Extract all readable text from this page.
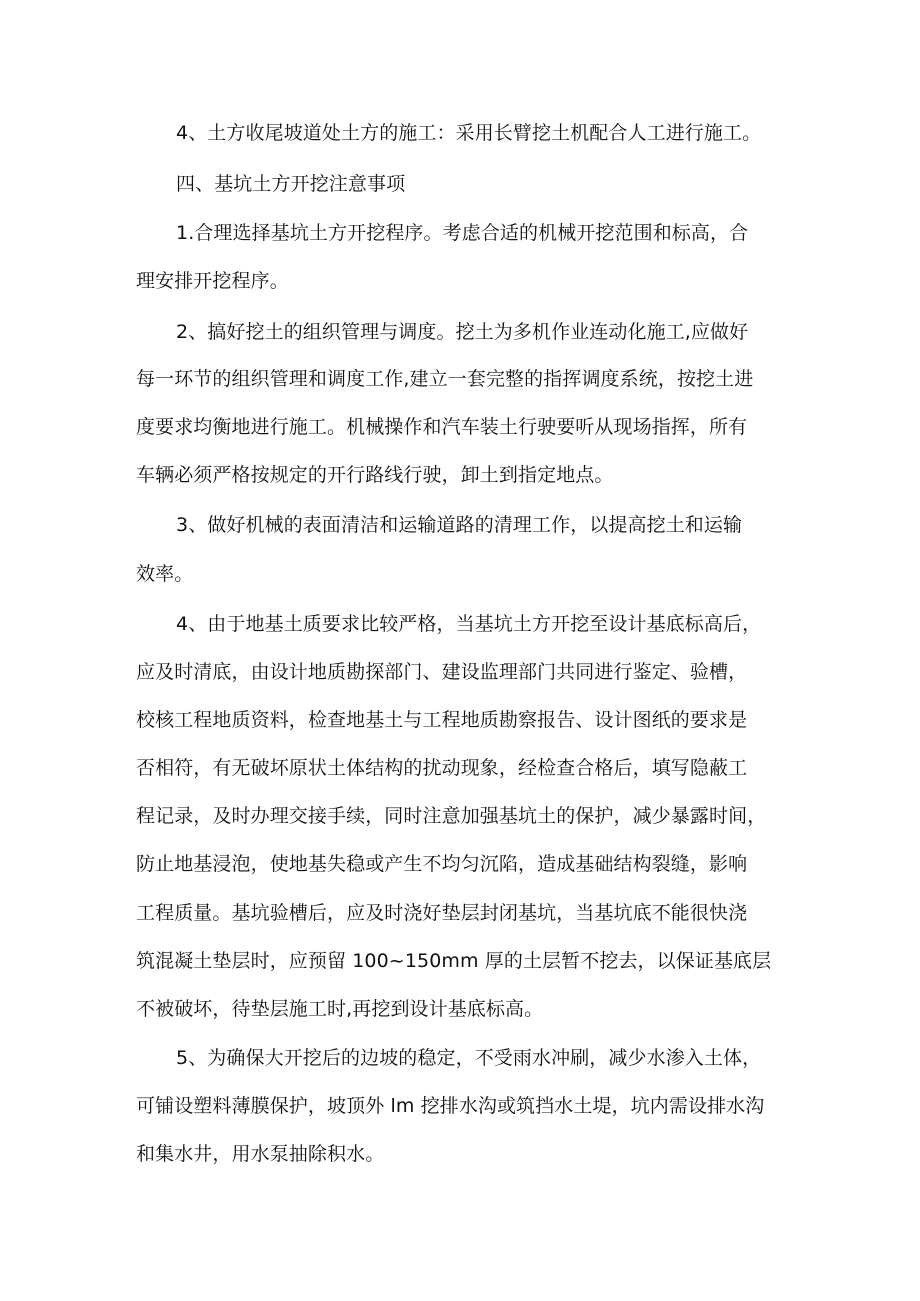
4、土方收尾坡道处土方的施工：采用长臂挖土机配合人工进行施工。
四、基坑土方开挖注意事项
1.合理选择基坑土方开挖程序。考虑合适的机械开挖范围和标高，合
理安排开挖程序。
2、搞好挖土的组织管理与调度。挖土为多机作业连动化施工,应做好
每一环节的组织管理和调度工作,建立一套完整的指挥调度系统，按挖土进
度要求均衡地进行施工。机械操作和汽车装土行驶要听从现场指挥，所有
车辆必须严格按规定的开行路线行驶，卸土到指定地点。
3、做好机械的表面清洁和运输道路的清理工作，以提高挖土和运输
效率。
4、由于地基土质要求比较严格，当基坑土方开挖至设计基底标高后，
应及时清底，由设计地质勘探部门、建设监理部门共同进行鉴定、验槽，
校核工程地质资料，检查地基土与工程地质勘察报告、设计图纸的要求是
否相符，有无破坏原状土体结构的扰动现象，经检查合格后，填写隐蔽工
程记录，及时办理交接手续，同时注意加强基坑土的保护，减少暴露时间，
防止地基浸泡，使地基失稳或产生不均匀沉陷，造成基础结构裂缝，影响
工程质量。基坑验槽后，应及时浇好垫层封闭基坑，当基坑底不能很快浇
筑混凝土垫层时，应预留 100~150mm 厚的土层暂不挖去，以保证基底层
不被破坏，待垫层施工时,再挖到设计基底标高。
5、为确保大开挖后的边坡的稳定，不受雨水冲刷，减少水渗入土体，
可铺设塑料薄膜保护，坡顶外 lm 挖排水沟或筑挡水土堤，坑内需设排水沟
和集水井，用水泵抽除积水。
